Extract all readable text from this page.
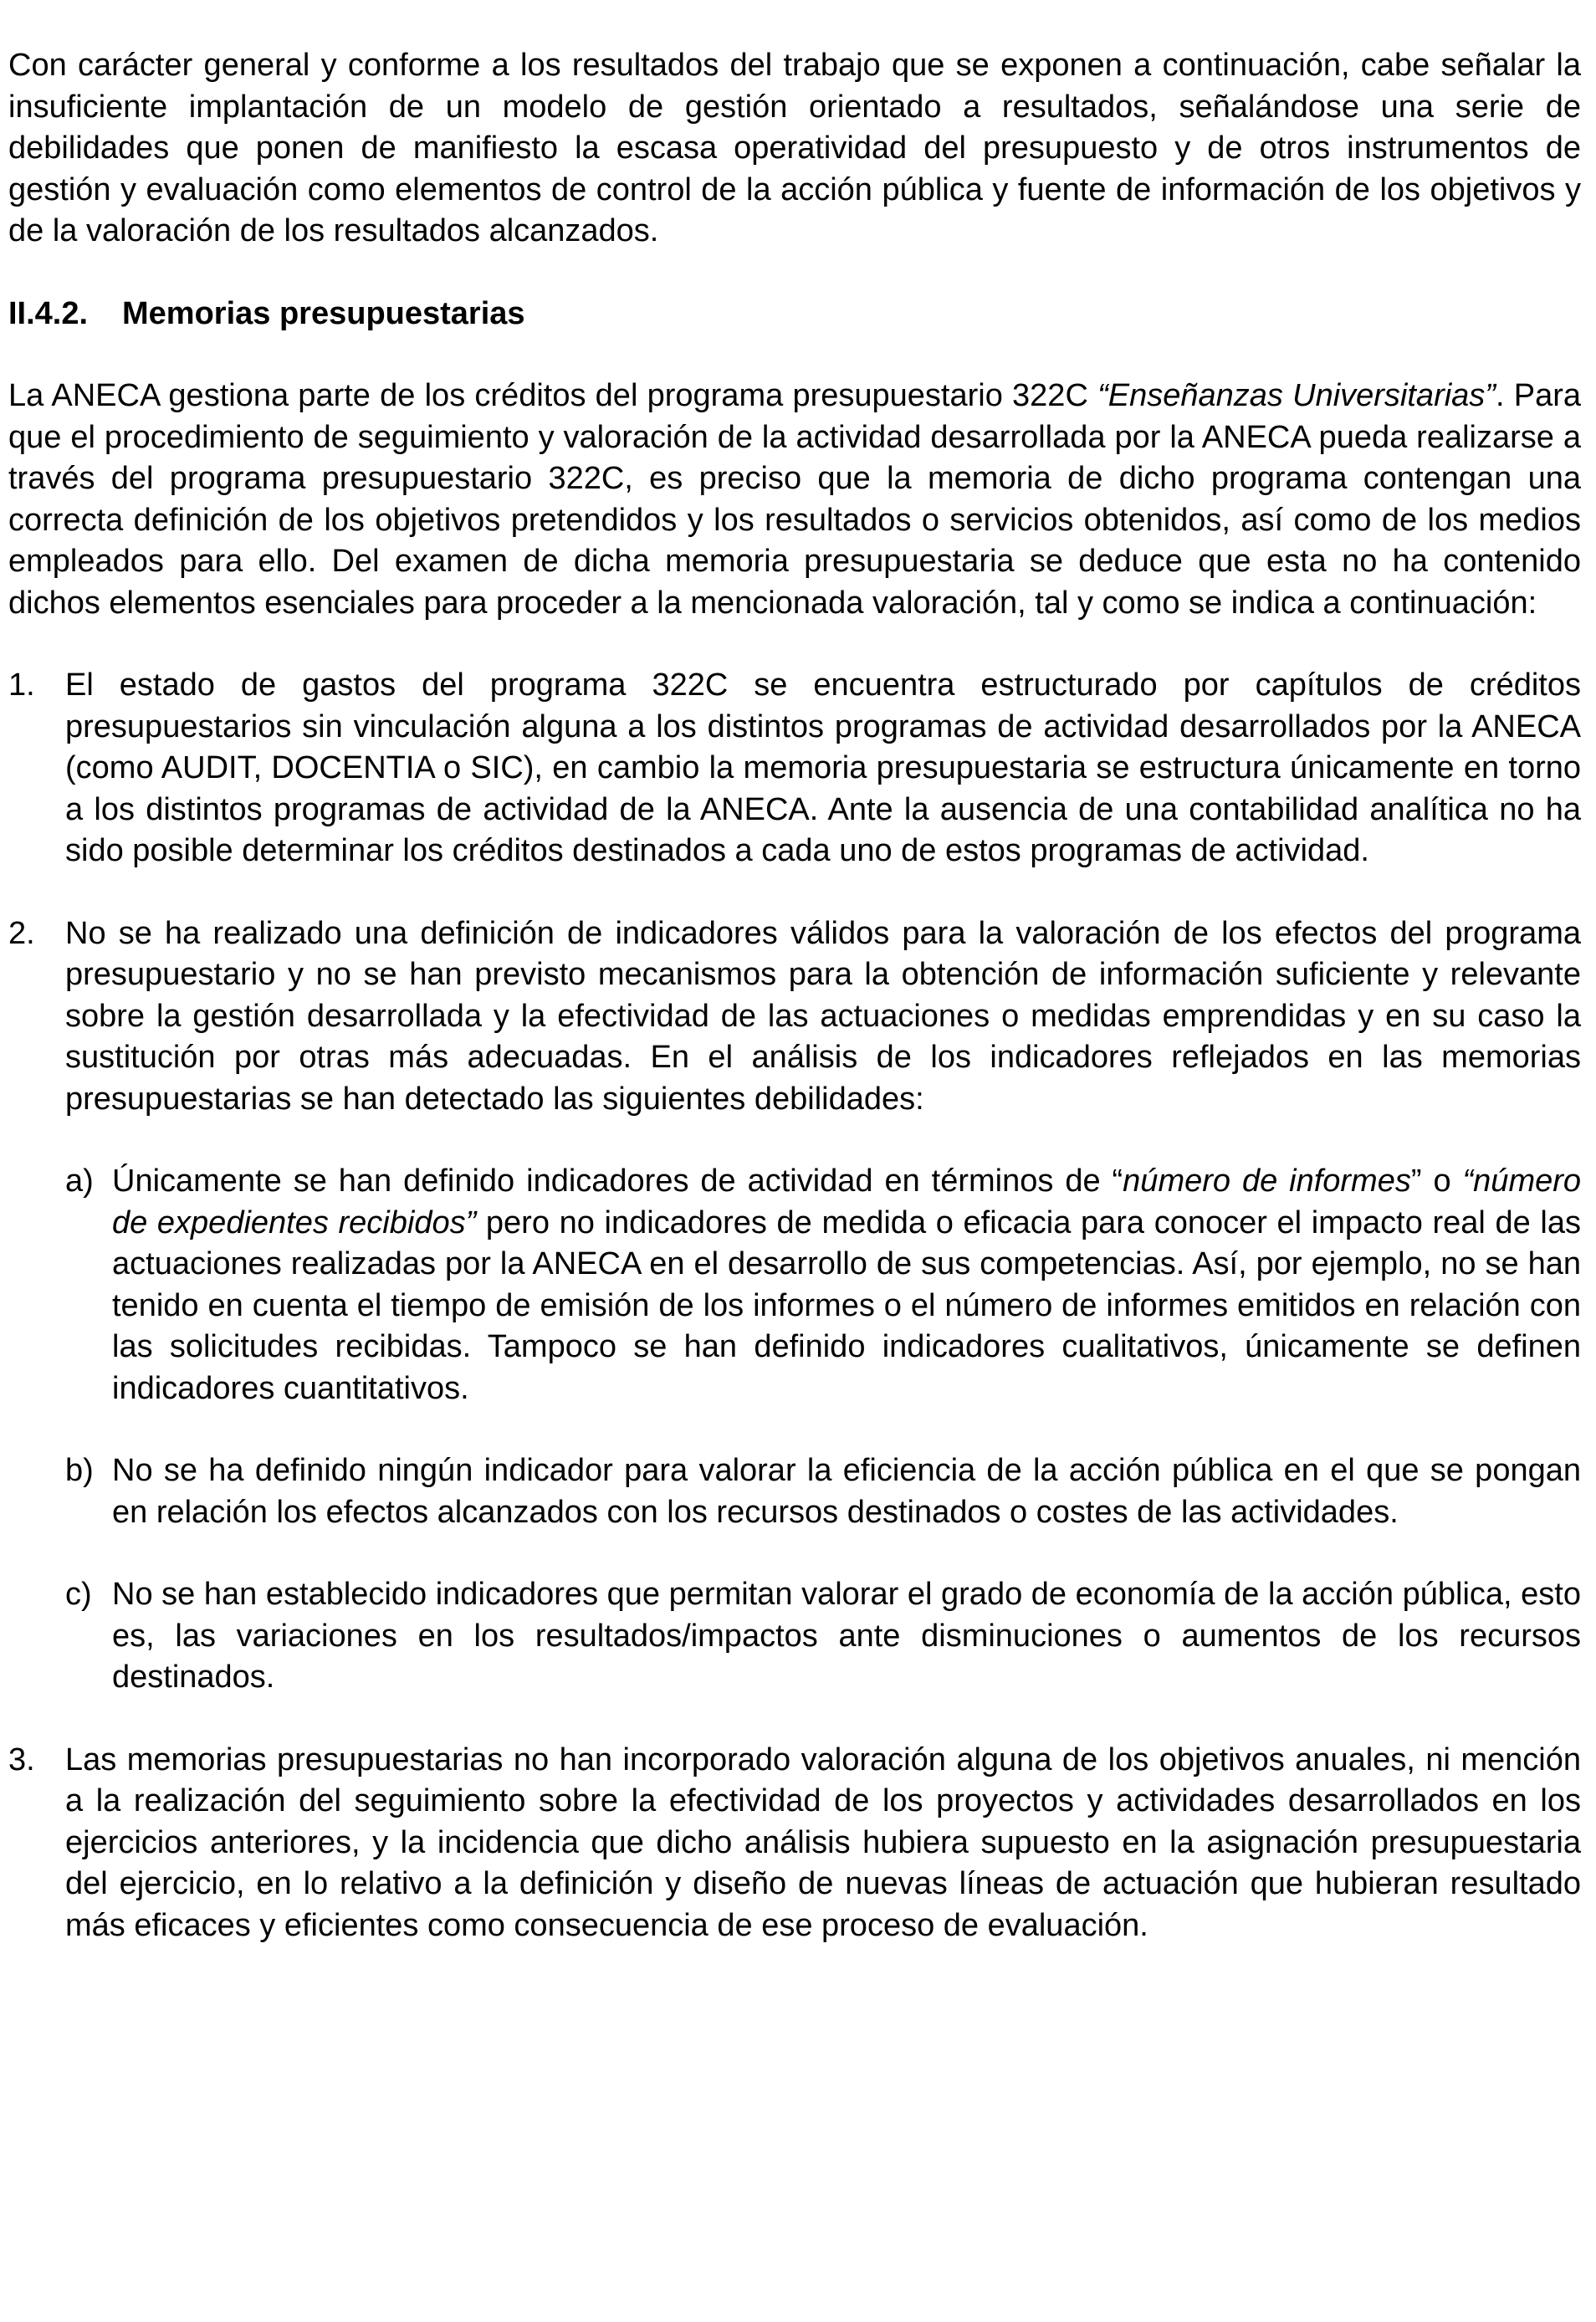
Con carácter general y conforme a los resultados del trabajo que se exponen a continuación, cabe señalar la insuficiente implantación de un modelo de gestión orientado a resultados, señalándose una serie de debilidades que ponen de manifiesto la escasa operatividad del presupuesto y de otros instrumentos de gestión y evaluación como elementos de control de la acción pública y fuente de información de los objetivos y de la valoración de los resultados alcanzados.

II.4.2.	Memorias presupuestarias

La ANECA gestiona parte de los créditos del programa presupuestario 322C “Enseñanzas Universitarias”. Para que el procedimiento de seguimiento y valoración de la actividad desarrollada por la ANECA pueda realizarse a través del programa presupuestario 322C, es preciso que la memoria de dicho programa contengan una correcta definición de los objetivos pretendidos y los resultados o servicios obtenidos, así como de los medios empleados para ello. Del examen de dicha memoria presupuestaria se deduce que esta no ha contenido dichos elementos esenciales para proceder a la mencionada valoración, tal y como se indica a continuación:

1. El estado de gastos del programa 322C se encuentra estructurado por capítulos de créditos presupuestarios sin vinculación alguna a los distintos programas de actividad desarrollados por la ANECA (como AUDIT, DOCENTIA o SIC), en cambio la memoria presupuestaria se estructura únicamente en torno a los distintos programas de actividad de la ANECA. Ante la ausencia de una contabilidad analítica no ha sido posible determinar los créditos destinados a cada uno de estos programas de actividad.

2. No se ha realizado una definición de indicadores válidos para la valoración de los efectos del programa presupuestario y no se han previsto mecanismos para la obtención de información suficiente y relevante sobre la gestión desarrollada y la efectividad de las actuaciones o medidas emprendidas y en su caso la sustitución por otras más adecuadas. En el análisis de los indicadores reflejados en las memorias presupuestarias se han detectado las siguientes debilidades:

a) Únicamente se han definido indicadores de actividad en términos de “número de informes” o “número de expedientes recibidos” pero no indicadores de medida o eficacia para conocer el impacto real de las actuaciones realizadas por la ANECA en el desarrollo de sus competencias. Así, por ejemplo, no se han tenido en cuenta el tiempo de emisión de los informes o el número de informes emitidos en relación con las solicitudes recibidas. Tampoco se han definido indicadores cualitativos, únicamente se definen indicadores cuantitativos.

b) No se ha definido ningún indicador para valorar la eficiencia de la acción pública en el que se pongan en relación los efectos alcanzados con los recursos destinados o costes de las actividades.

c) No se han establecido indicadores que permitan valorar el grado de economía de la acción pública, esto es, las variaciones en los resultados/impactos ante disminuciones o aumentos de los recursos destinados.

3. Las memorias presupuestarias no han incorporado valoración alguna de los objetivos anuales, ni mención a la realización del seguimiento sobre la efectividad de los proyectos y actividades desarrollados en los ejercicios anteriores, y la incidencia que dicho análisis hubiera supuesto en la asignación presupuestaria del ejercicio, en lo relativo a la definición y diseño de nuevas líneas de actuación que hubieran resultado más eficaces y eficientes como consecuencia de ese proceso de evaluación.
